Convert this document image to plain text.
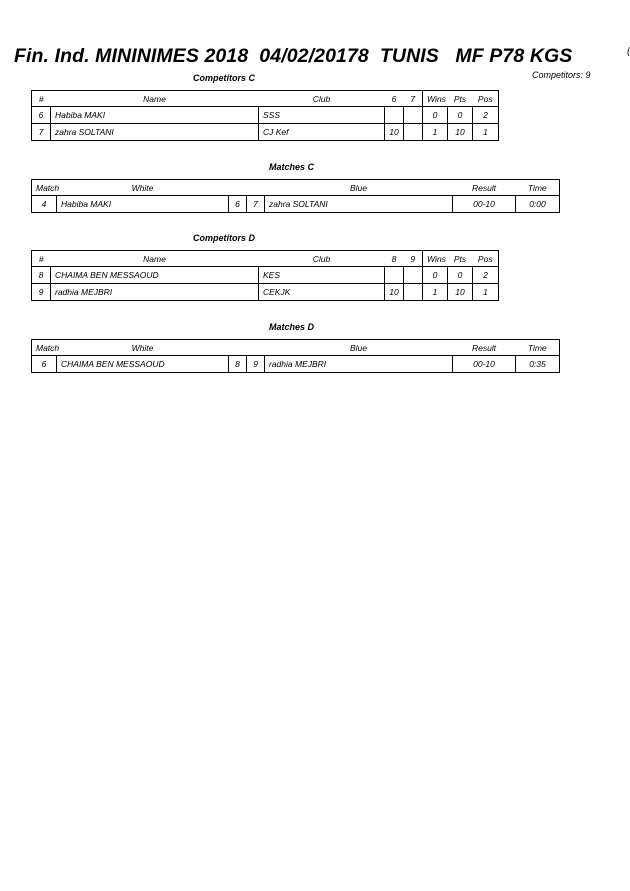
Fin. Ind. MININIMES 2018  04/02/20178  TUNIS   MF P78 KGS
Competitors: 9
Competitors C
#	Name	Club	6	7	Wins	Pts	Pos
6	Habiba MAKI	SSS			0	0	2
7	zahra SOLTANI	CJ Kef	10		1	10	1
Matches C
Match	White			Blue	Result	Time
4	Habiba MAKI	6	7	zahra SOLTANI	00-10	0:00
Competitors D
#	Name	Club	8	9	Wins	Pts	Pos
8	CHAIMA BEN MESSAOUD	KES			0	0	2
9	radhia MEJBRI	CEKJK	10		1	10	1
Matches D
Match	White			Blue	Result	Time
6	CHAIMA BEN MESSAOUD	8	9	radhia MEJBRI	00-10	0:35
